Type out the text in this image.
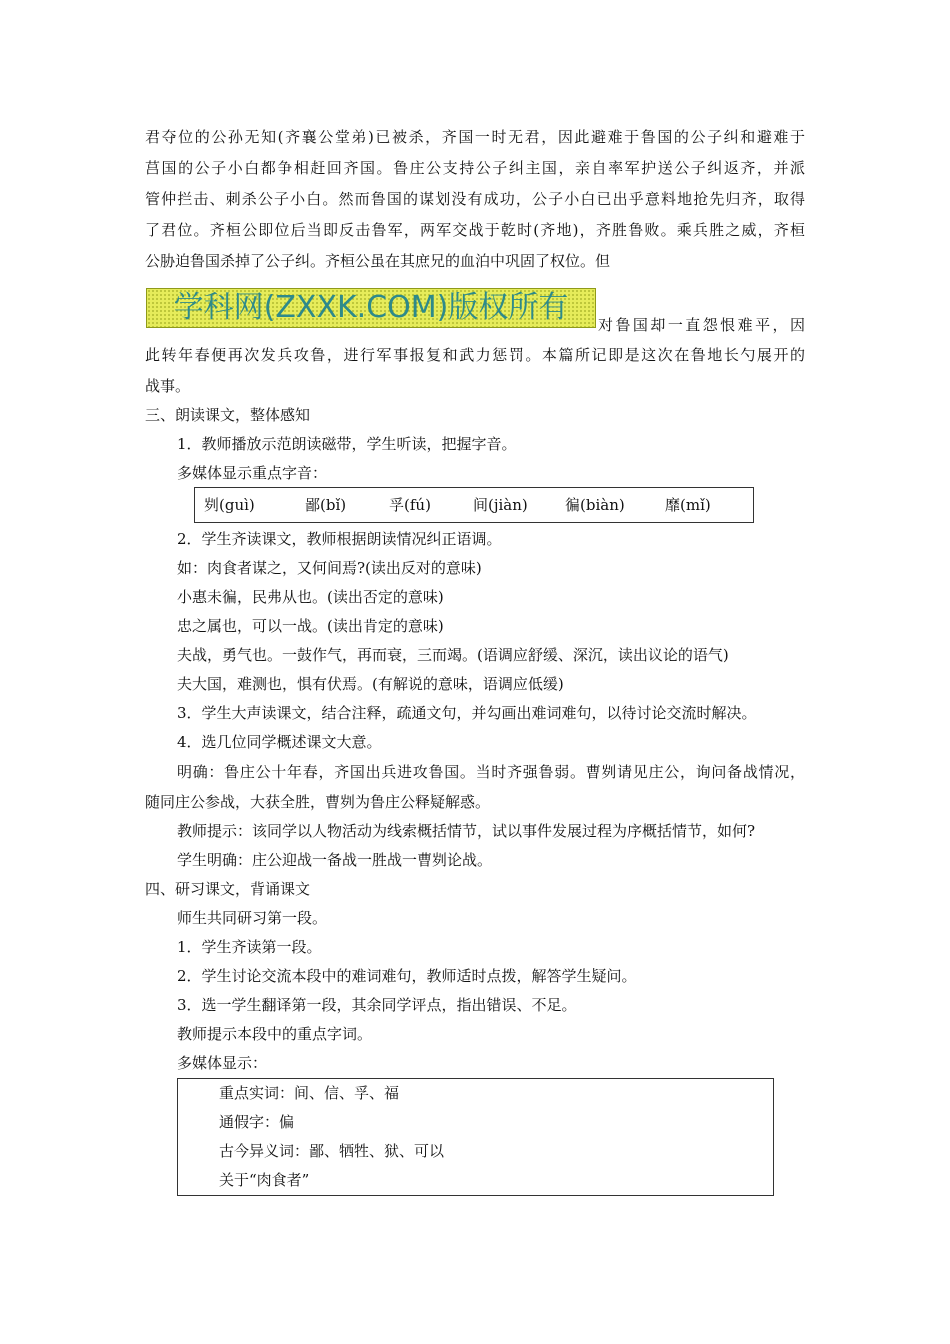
君夺位的公孙无知(齐襄公堂弟)已被杀，齐国一时无君，因此避难于鲁国的公子纠和避难于
莒国的公子小白都争相赶回齐国。鲁庄公支持公子纠主国，亲自率军护送公子纠返齐，并派
管仲拦击、刺杀公子小白。然而鲁国的谋划没有成功，公子小白已出乎意料地抢先归齐，取得
了君位。齐桓公即位后当即反击鲁军，两军交战于乾时(齐地)，齐胜鲁败。乘兵胜之威，齐桓
公胁迫鲁国杀掉了公子纠。齐桓公虽在其庶兄的血泊中巩固了权位。但
学科网(ZXXK.COM)版权所有	对鲁国却一直怨恨难平，因
此转年春便再次发兵攻鲁，进行军事报复和武力惩罚。本篇所记即是这次在鲁地长勺展开的
战事。
三、朗读课文，整体感知
1．教师播放示范朗读磁带，学生听读，把握字音。
多媒体显示重点字音：
刿(guì)	鄙(bǐ)	孚(fú)	间(jiàn) 徧(biàn)	靡(mǐ)
2．学生齐读课文，教师根据朗读情况纠正语调。
如：肉食者谋之，又何间焉?(读出反对的意味)
小惠未徧，民弗从也。(读出否定的意味)
忠之属也，可以一战。(读出肯定的意味)
夫战，勇气也。一鼓作气，再而衰，三而竭。(语调应舒缓、深沉，读出议论的语气)
夫大国，难测也，惧有伏焉。(有解说的意味，语调应低缓)
3．学生大声读课文，结合注释，疏通文句，并勾画出难词难句，以待讨论交流时解决。
4．选几位同学概述课文大意。
明确：鲁庄公十年春，齐国出兵进攻鲁国。当时齐强鲁弱。曹刿请见庄公，询问备战情况，
随同庄公参战，大获全胜，曹刿为鲁庄公释疑解惑。
教师提示：该同学以人物活动为线索概括情节，试以事件发展过程为序概括情节，如何?
学生明确：庄公迎战一备战一胜战一曹刿论战。
四、研习课文，背诵课文
师生共同研习第一段。
1．学生齐读第一段。
2．学生讨论交流本段中的难词难句，教师适时点拨，解答学生疑问。
3．选一学生翻译第一段，其余同学评点，指出错误、不足。
教师提示本段中的重点字词。
多媒体显示：
重点实词：间、信、孚、福
通假字：偏
古今异义词：鄙、牺牲、狱、可以
关于“肉食者”
